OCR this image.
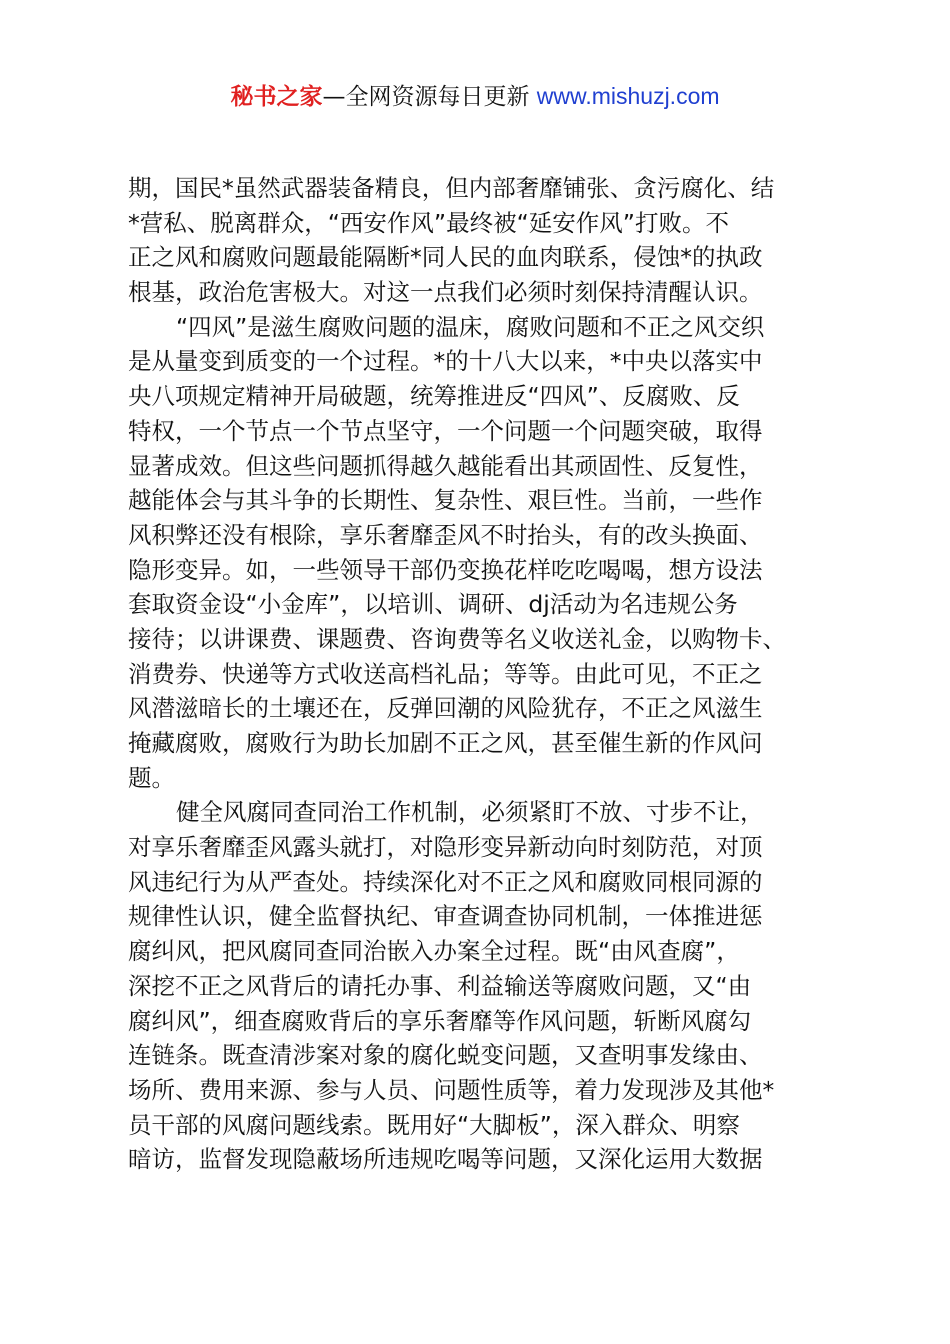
秘书之家—全网资源每日更新 www.mishuzj.com
期，国民*虽然武器装备精良，但内部奢靡铺张、贪污腐化、结
*营私、脱离群众，“西安作风”最终被“延安作风”打败。不
正之风和腐败问题最能隔断*同人民的血肉联系，侵蚀*的执政
根基，政治危害极大。对这一点我们必须时刻保持清醒认识。
“四风”是滋生腐败问题的温床，腐败问题和不正之风交织
是从量变到质变的一个过程。*的十八大以来，*中央以落实中
央八项规定精神开局破题，统筹推进反“四风”、反腐败、反
特权，一个节点一个节点坚守，一个问题一个问题突破，取得
显著成效。但这些问题抓得越久越能看出其顽固性、反复性，
越能体会与其斗争的长期性、复杂性、艰巨性。当前，一些作
风积弊还没有根除，享乐奢靡歪风不时抬头，有的改头换面、
隐形变异。如，一些领导干部仍变换花样吃吃喝喝，想方设法
套取资金设“小金库”，以培训、调研、dj活动为名违规公务
接待；以讲课费、课题费、咨询费等名义收送礼金，以购物卡、
消费券、快递等方式收送高档礼品；等等。由此可见，不正之
风潜滋暗长的土壤还在，反弹回潮的风险犹存，不正之风滋生
掩藏腐败，腐败行为助长加剧不正之风，甚至催生新的作风问
题。
健全风腐同查同治工作机制，必须紧盯不放、寸步不让，
对享乐奢靡歪风露头就打，对隐形变异新动向时刻防范，对顶
风违纪行为从严查处。持续深化对不正之风和腐败同根同源的
规律性认识，健全监督执纪、审查调查协同机制，一体推进惩
腐纠风，把风腐同查同治嵌入办案全过程。既“由风查腐”，
深挖不正之风背后的请托办事、利益输送等腐败问题，又“由
腐纠风”，细查腐败背后的享乐奢靡等作风问题，斩断风腐勾
连链条。既查清涉案对象的腐化蜕变问题，又查明事发缘由、
场所、费用来源、参与人员、问题性质等，着力发现涉及其他*
员干部的风腐问题线索。既用好“大脚板”，深入群众、明察
暗访，监督发现隐蔽场所违规吃喝等问题，又深化运用大数据
